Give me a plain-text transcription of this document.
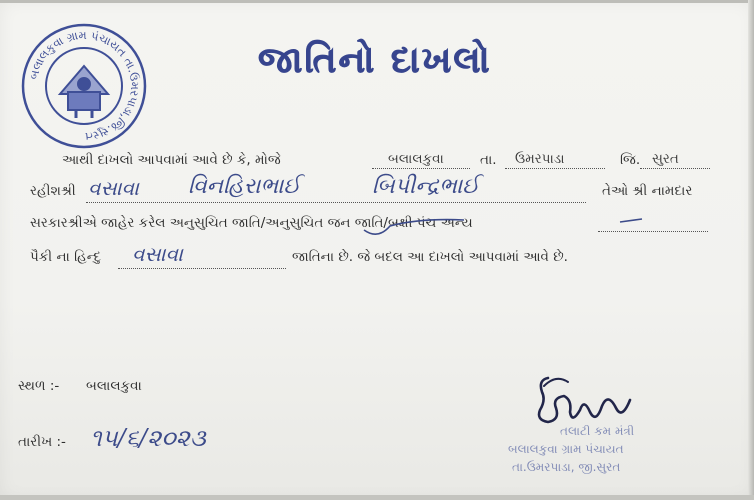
બલાલકુવા ગ્રામ પંચાયત તા.ઉમરપાડા,જિ.સુરત
જાતિનો દાખલો
આથી દાખલો આપવામાં આવે છે કે, મોજે	બલાલકુવા	તા. ઉમરપાડા	જિ. સુરત
રહીશશ્રી વસાવા વિનહિરાભાઈ	બિપીન્દ્રભાઈ	તેઓ શ્રી નામદાર
સરકારશ્રીએ જાહેર કરેલ અનુસુચિત જાતિ/અનુસુચિત જન જાતિ/બક્ષી પંચ અન્ય
પૈકી ના હિન્દુ વસાવા	જાતિના છે. જે બદલ આ દાખલો આપવામાં આવે છે.
સ્થળ :- બલાલકુવા
તારીખ :- ૧૫/૬/૨૦૨૩	તલાટી કમ મંત્રી
બલાલકુવા ગ્રામ પંચાયત
તા.ઉમરપાડા, જી.સુરત
